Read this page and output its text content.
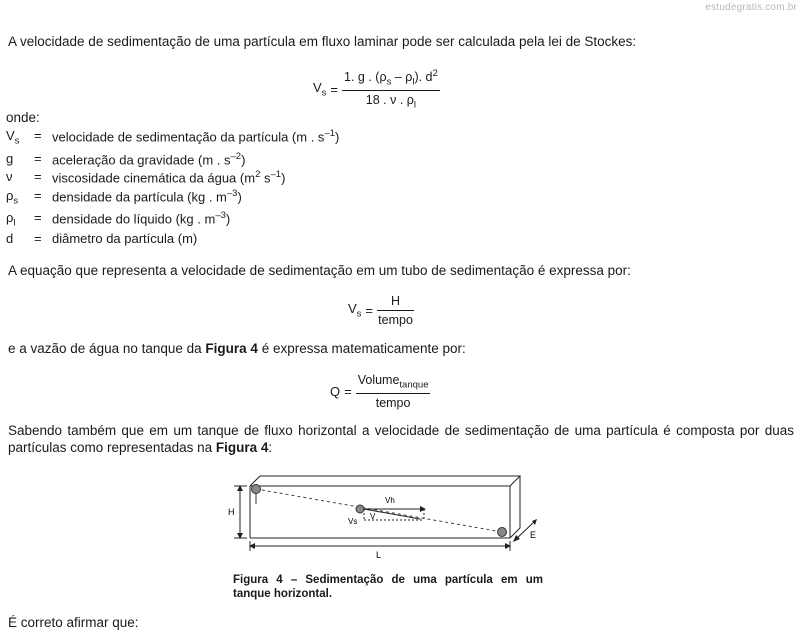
estudegratis.com.br
A velocidade de sedimentação de uma partícula em fluxo laminar pode ser calculada pela lei de Stockes:
$V_s = \frac{1. g . (\rho_s - \rho_l). d^2}{18 . \nu . \rho_l}$
onde:
$V_s$	= velocidade de sedimentação da partícula (m . $s^{-1}$)
g	= aceleração da gravidade (m . $s^{-2}$)
ν	= viscosidade cinemática da água ($m^2$ $s^{-1}$)
$\rho_s$	= densidade da partícula (kg . $m^{-3}$)
$\rho_l$	= densidade do líquido (kg . $m^{-3}$)
d	= diâmetro da partícula (m)
A equação que representa a velocidade de sedimentação em um tubo de sedimentação é expressa por:
$V_s = \frac{H}{\text{tempo}}$
e a vazão de água no tanque da Figura 4 é expressa matematicamente por:
$Q = \frac{Volume_{tanque}}{\text{tempo}}$
Sabendo também que em um tanque de fluxo horizontal a velocidade de sedimentação de uma partícula é composta por duas partículas como representadas na Figura 4:
Vh
Vs
V
H
L
E
Figura 4 – Sedimentação de uma partícula em um tanque horizontal.
É correto afirmar que:
